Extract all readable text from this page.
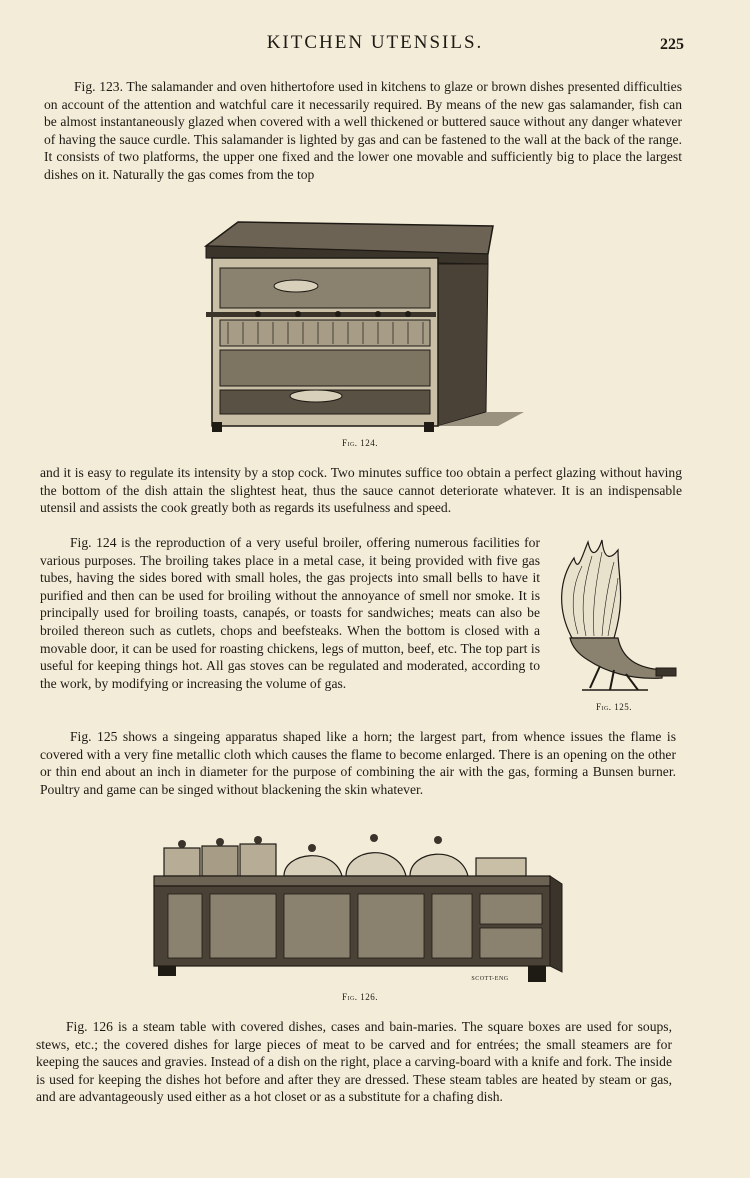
KITCHEN UTENSILS.	225

Fig. 123. The salamander and oven hithertofore used in kitchens to glaze or brown dishes presented difficulties on account of the attention and watchful care it necessarily required. By means of the new gas salamander, fish can be almost instantaneously glazed when covered with a well thickened or buttered sauce without any danger whatever of having the sauce curdle. This salamander is lighted by gas and can be fastened to the wall at the back of the range. It consists of two platforms, the upper one fixed and the lower one movable and sufficiently big to place the largest dishes on it. Naturally the gas comes from the top

Fig. 124.

and it is easy to regulate its intensity by a stop cock. Two minutes suffice too obtain a perfect glazing without having the bottom of the dish attain the slightest heat, thus the sauce cannot deteriorate whatever. It is an indispensable utensil and assists the cook greatly both as regards its usefulness and speed.

Fig. 124 is the reproduction of a very useful broiler, offering numerous facilities for various purposes. The broiling takes place in a metal case, it being provided with five gas tubes, having the sides bored with small holes, the gas projects into small bells to have it purified and then can be used for broiling without the annoyance of smell nor smoke. It is principally used for broiling toasts, canapés, or toasts for sandwiches; meats can also be broiled thereon such as cutlets, chops and beefsteaks. When the bottom is closed with a movable door, it can be used for roasting chickens, legs of mutton, beef, etc. The top part is useful for keeping things hot. All gas stoves can be regulated and moderated, according to the work, by modifying or increasing the volume of gas.

Fig. 125.

Fig. 125 shows a singeing apparatus shaped like a horn; the largest part, from whence issues the flame is covered with a very fine metallic cloth which causes the flame to become enlarged. There is an opening on the other or thin end about an inch in diameter for the purpose of combining the air with the gas, forming a Bunsen burner. Poultry and game can be singed without blackening the skin whatever.

Fig. 126.
SCOTT-ENG

Fig. 126 is a steam table with covered dishes, cases and bain-maries. The square boxes are used for soups, stews, etc.; the covered dishes for large pieces of meat to be carved and for entrées; the small steamers are for keeping the sauces and gravies. Instead of a dish on the right, place a carving-board with a knife and fork. The inside is used for keeping the dishes hot before and after they are dressed. These steam tables are heated by steam or gas, and are advantageously used either as a hot closet or as a substitute for a chafing dish.
